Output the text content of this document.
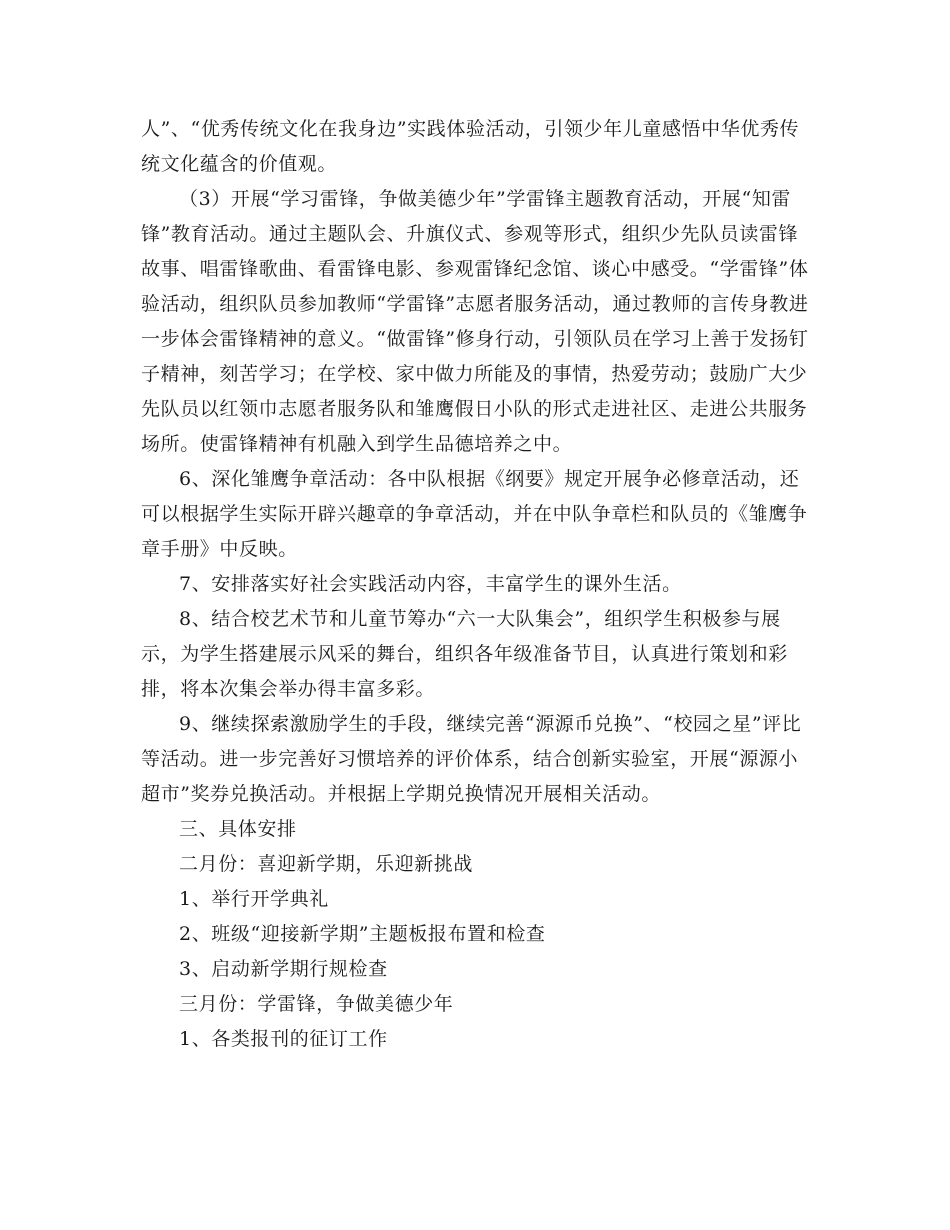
人”、“优秀传统文化在我身边”实践体验活动，引领少年儿童感悟中华优秀传统文化蕴含的价值观。

（3）开展“学习雷锋，争做美德少年”学雷锋主题教育活动，开展“知雷锋”教育活动。通过主题队会、升旗仪式、参观等形式，组织少先队员读雷锋故事、唱雷锋歌曲、看雷锋电影、参观雷锋纪念馆、谈心中感受。“学雷锋”体验活动，组织队员参加教师“学雷锋”志愿者服务活动，通过教师的言传身教进一步体会雷锋精神的意义。“做雷锋”修身行动，引领队员在学习上善于发扬钉子精神，刻苦学习；在学校、家中做力所能及的事情，热爱劳动；鼓励广大少先队员以红领巾志愿者服务队和雏鹰假日小队的形式走进社区、走进公共服务场所。使雷锋精神有机融入到学生品德培养之中。

6、深化雏鹰争章活动：各中队根据《纲要》规定开展争必修章活动，还可以根据学生实际开辟兴趣章的争章活动，并在中队争章栏和队员的《雏鹰争章手册》中反映。

7、安排落实好社会实践活动内容，丰富学生的课外生活。

8、结合校艺术节和儿童节筹办“六一大队集会”，组织学生积极参与展示，为学生搭建展示风采的舞台，组织各年级准备节目，认真进行策划和彩排，将本次集会举办得丰富多彩。

9、继续探索激励学生的手段，继续完善“源源币兑换”、“校园之星”评比等活动。进一步完善好习惯培养的评价体系，结合创新实验室，开展“源源小超市”奖券兑换活动。并根据上学期兑换情况开展相关活动。

三、具体安排

二月份：喜迎新学期，乐迎新挑战

1、举行开学典礼

2、班级“迎接新学期”主题板报布置和检查

3、启动新学期行规检查

三月份：学雷锋，争做美德少年

1、各类报刊的征订工作
